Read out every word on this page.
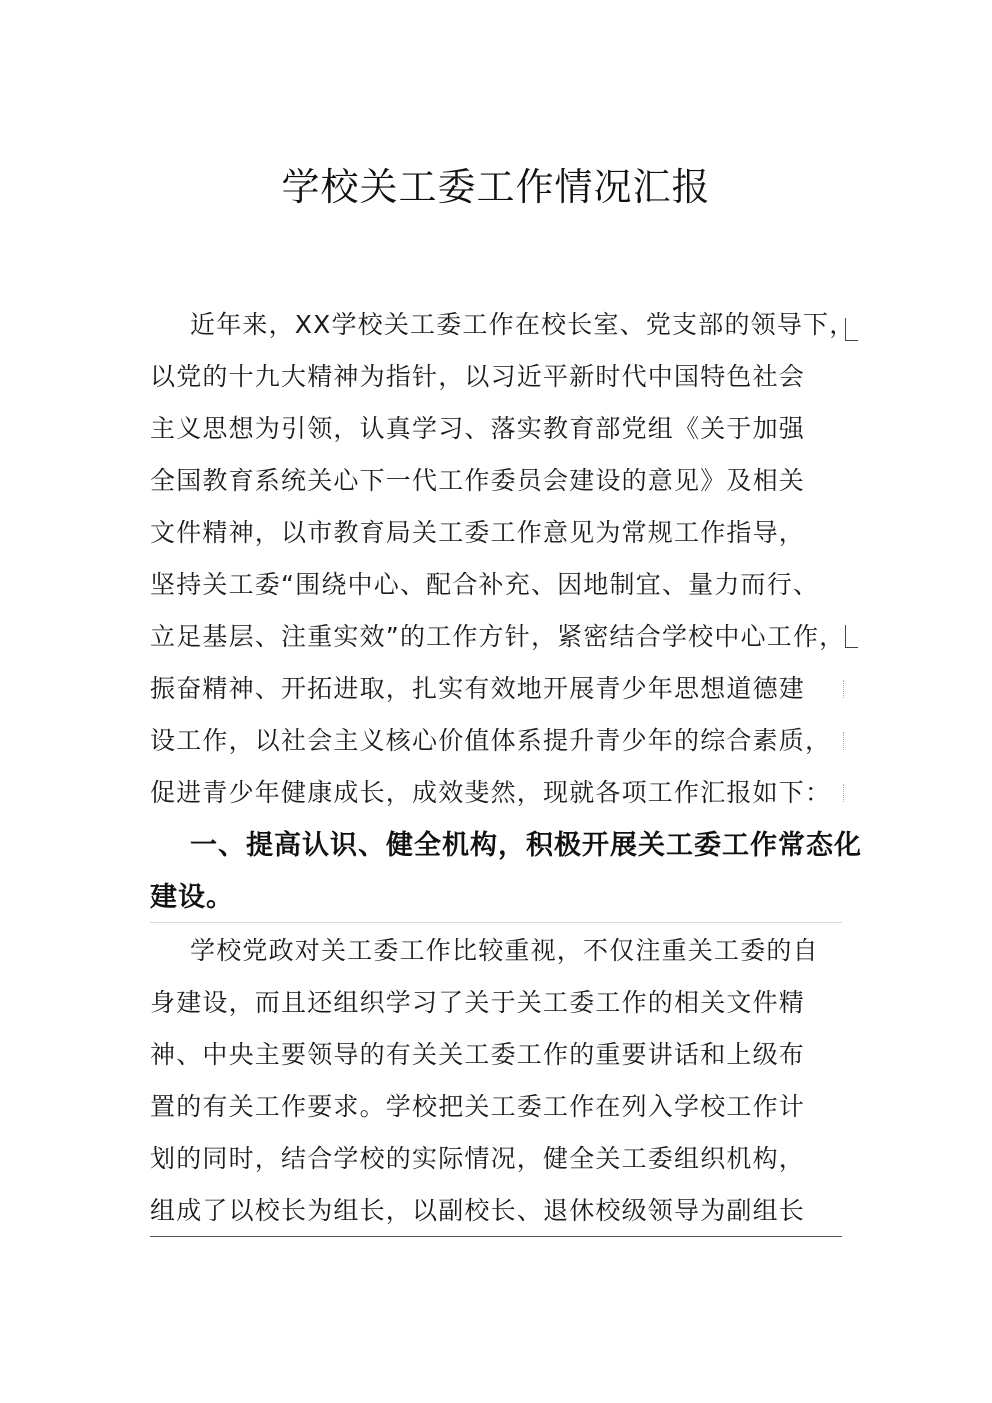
学校关工委工作情况汇报
近年来，XX学校关工委工作在校长室、党支部的领导下，
以党的十九大精神为指针，以习近平新时代中国特色社会
主义思想为引领，认真学习、落实教育部党组《关于加强
全国教育系统关心下一代工作委员会建设的意见》及相关
文件精神，以市教育局关工委工作意见为常规工作指导，
坚持关工委“围绕中心、配合补充、因地制宜、量力而行、
立足基层、注重实效”的工作方针，紧密结合学校中心工作，
振奋精神、开拓进取，扎实有效地开展青少年思想道德建
设工作，以社会主义核心价值体系提升青少年的综合素质，
促进青少年健康成长，成效斐然，现就各项工作汇报如下：
一、提高认识、健全机构，积极开展关工委工作常态化
建设。
学校党政对关工委工作比较重视，不仅注重关工委的自
身建设，而且还组织学习了关于关工委工作的相关文件精
神、中央主要领导的有关关工委工作的重要讲话和上级布
置的有关工作要求。学校把关工委工作在列入学校工作计
划的同时，结合学校的实际情况，健全关工委组织机构，
组成了以校长为组长，以副校长、退休校级领导为副组长
